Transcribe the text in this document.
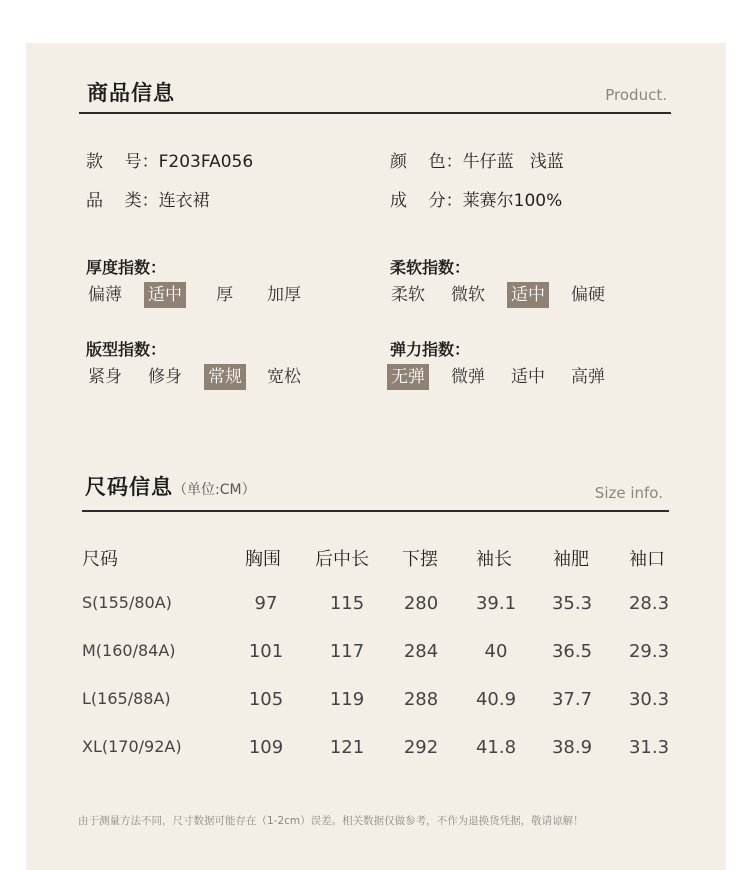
商品信息	Product.
款    号：F203FA056	颜    色：牛仔蓝   浅蓝
品    类：连衣裙	成    分：莱赛尔100%
厚度指数：
偏薄 适中 厚 加厚
柔软指数：
柔软 微软 适中 偏硬
版型指数：
紧身 修身 常规 宽松
弹力指数：
无弹 微弹 适中 高弹
尺码信息（单位:CM）	Size info.
尺码	胸围 后中长 下摆 袖长 袖肥 袖口
S(155/80A)	97	115	280	39.1	35.3	28.3
M(160/84A)	101	117	284	40	36.5	29.3
L(165/88A)	105	119	288	40.9	37.7	30.3
XL(170/92A)	109	121	292	41.8	38.9	31.3
由于测量方法不同，尺寸数据可能存在（1-2cm）误差。相关数据仅做参考，不作为退换货凭据，敬请谅解！
